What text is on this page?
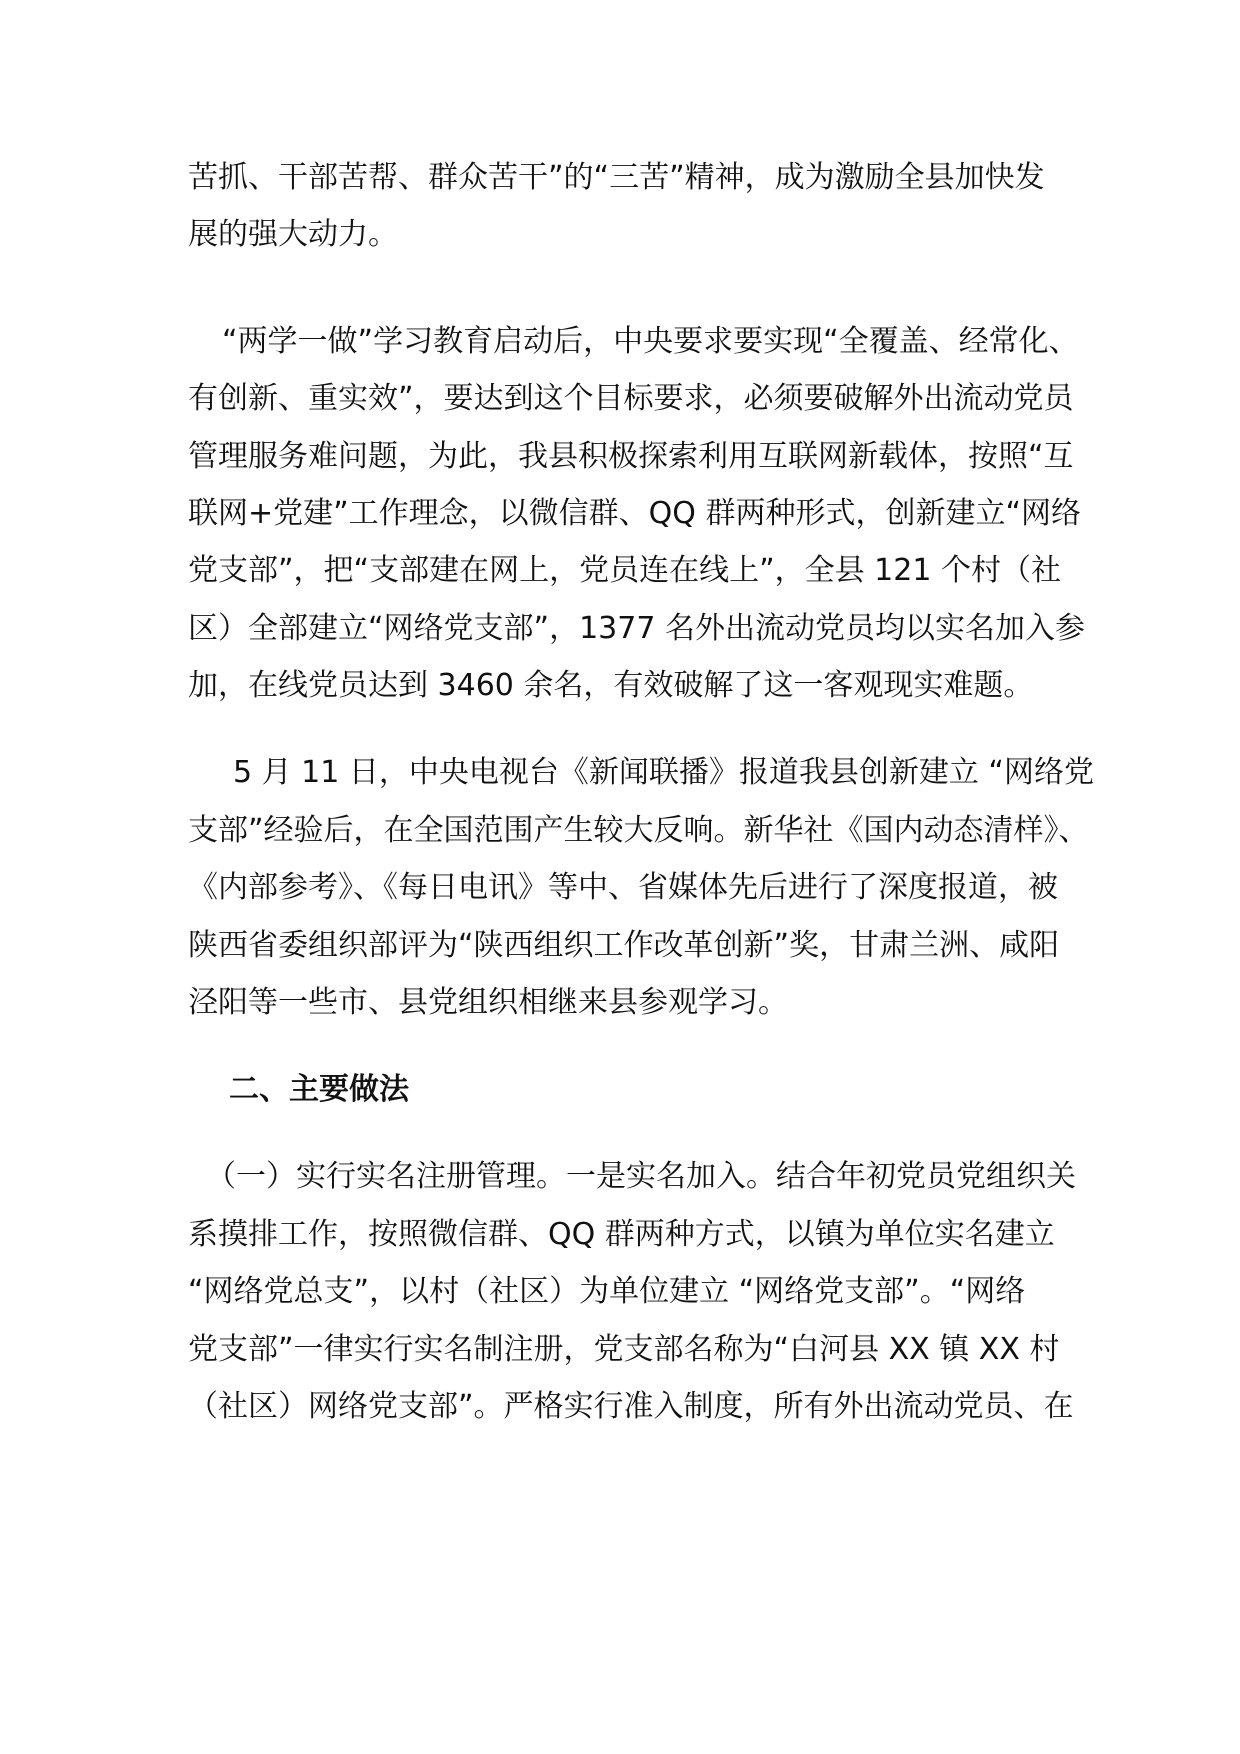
苦抓、干部苦帮、群众苦干”的“三苦”精神，成为激励全县加快发
展的强大动力。
“两学一做”学习教育启动后，中央要求要实现“全覆盖、经常化、
有创新、重实效”，要达到这个目标要求，必须要破解外出流动党员
管理服务难问题，为此，我县积极探索利用互联网新载体，按照“互
联网+党建”工作理念，以微信群、QQ 群两种形式，创新建立“网络
党支部”，把“支部建在网上，党员连在线上”，全县 121 个村（社
区）全部建立“网络党支部”，1377 名外出流动党员均以实名加入参
加，在线党员达到 3460 余名，有效破解了这一客观现实难题。
5 月 11 日，中央电视台《新闻联播》报道我县创新建立 “网络党
支部”经验后，在全国范围产生较大反响。新华社《国内动态清样》、
《内部参考》、《每日电讯》等中、省媒体先后进行了深度报道，被
陕西省委组织部评为“陕西组织工作改革创新”奖，甘肃兰洲、咸阳
泾阳等一些市、县党组织相继来县参观学习。
二、主要做法
（一）实行实名注册管理。一是实名加入。结合年初党员党组织关
系摸排工作，按照微信群、QQ 群两种方式，以镇为单位实名建立
“网络党总支”，以村（社区）为单位建立 “网络党支部”。“网络
党支部”一律实行实名制注册，党支部名称为“白河县 XX 镇 XX 村
（社区）网络党支部”。严格实行准入制度，所有外出流动党员、在
